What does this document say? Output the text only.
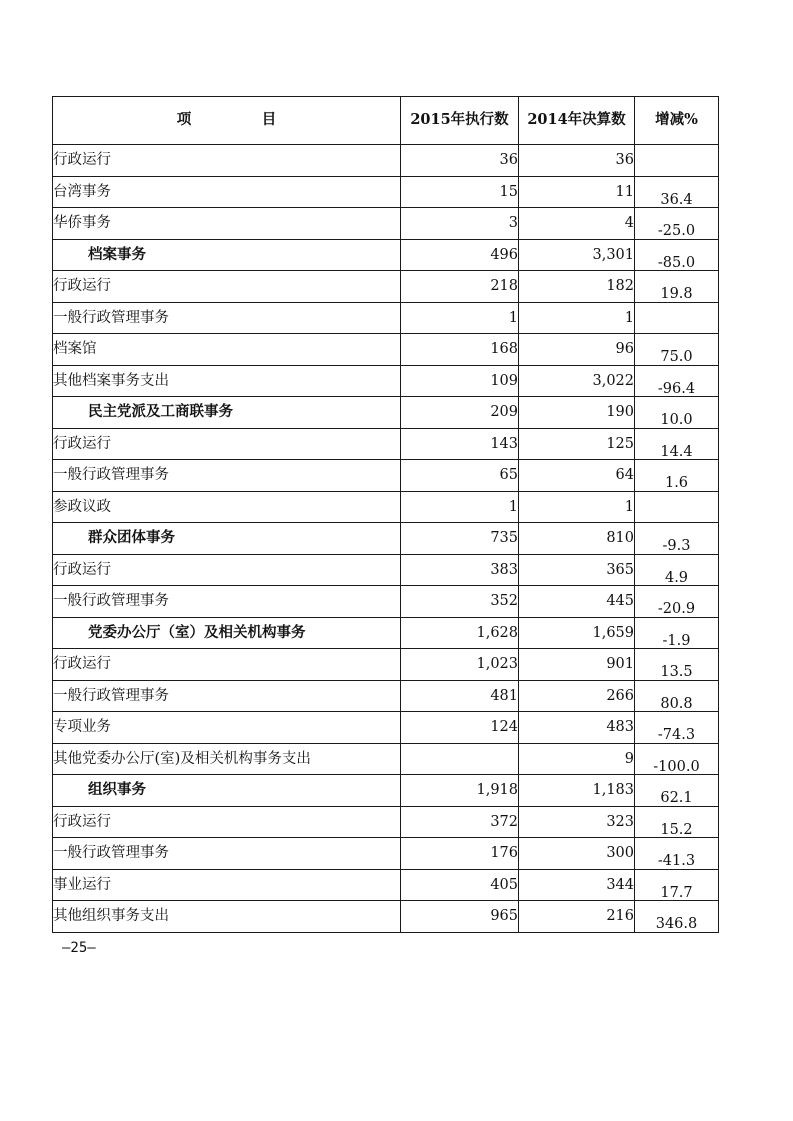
项　目	2015年执行数	2014年决算数	增减%
行政运行	36	36	
台湾事务	15	11	36.4
华侨事务	3	4	-25.0
档案事务	496	3,301	-85.0
行政运行	218	182	19.8
一般行政管理事务	1	1	
档案馆	168	96	75.0
其他档案事务支出	109	3,022	-96.4
民主党派及工商联事务	209	190	10.0
行政运行	143	125	14.4
一般行政管理事务	65	64	1.6
参政议政	1	1	
群众团体事务	735	810	-9.3
行政运行	383	365	4.9
一般行政管理事务	352	445	-20.9
党委办公厅（室）及相关机构事务	1,628	1,659	-1.9
行政运行	1,023	901	13.5
一般行政管理事务	481	266	80.8
专项业务	124	483	-74.3
其他党委办公厅(室)及相关机构事务支出		9	-100.0
组织事务	1,918	1,183	62.1
行政运行	372	323	15.2
一般行政管理事务	176	300	-41.3
事业运行	405	344	17.7
其他组织事务支出	965	216	346.8
—25—
